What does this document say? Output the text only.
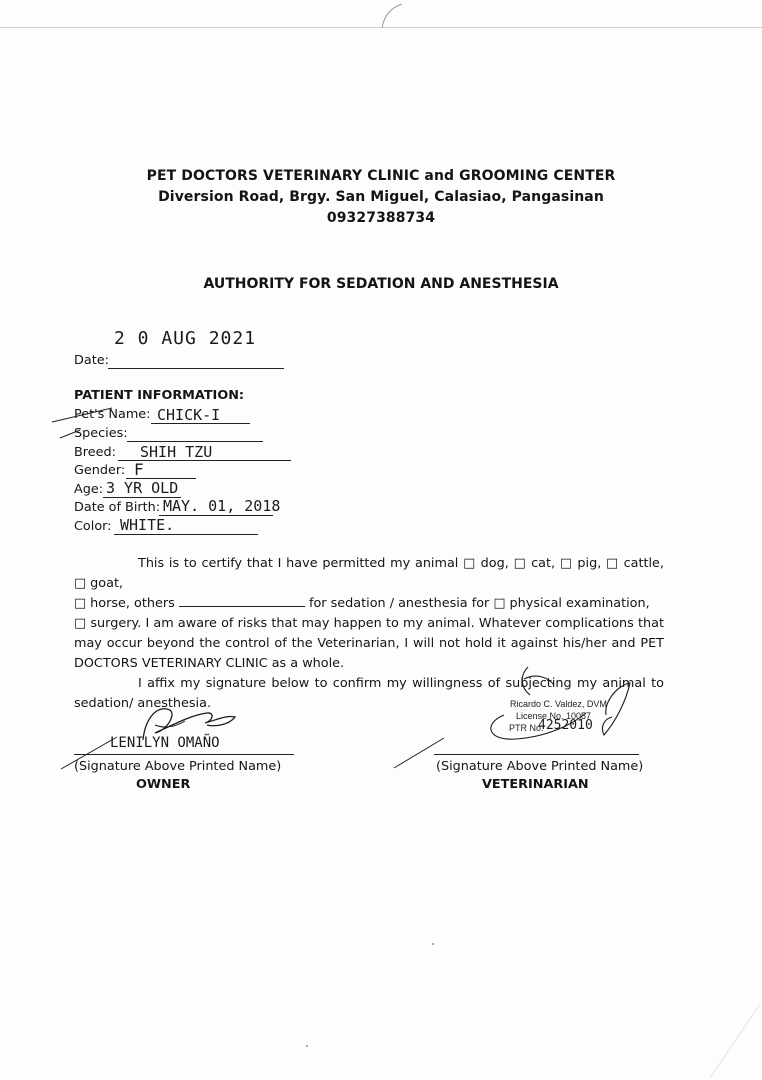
PET DOCTORS VETERINARY CLINIC and GROOMING CENTER
Diversion Road, Brgy. San Miguel, Calasiao, Pangasinan
09327388734
AUTHORITY FOR SEDATION AND ANESTHESIA
2 0 AUG 2021
Date:
PATIENT INFORMATION:
Pet's Name: CHICK-I
Species:
Breed: SHIH TZU
Gender: F
Age: 3 YR OLD
Date of Birth: MAY. 01, 2018
Color: WHITE.

This is to certify that I have permitted my animal □ dog, □ cat, □ pig, □ cattle, □ goat,

□ horse, others	for sedation / anesthesia for □ physical examination,

□ surgery. I am aware of risks that may happen to my animal. Whatever complications that may occur beyond the control of the Veterinarian, I will not hold it against his/her and PET DOCTORS VETERINARY CLINIC as a whole.

I affix my signature below to confirm my willingness of subjecting my animal to sedation/ anesthesia.

LENILYN OMAÑO
(Signature Above Printed Name)
OWNER
Ricardo C. Valdez, DVM
License No. 10057
PTR No.
4252010
(Signature Above Printed Name)
VETERINARIAN
